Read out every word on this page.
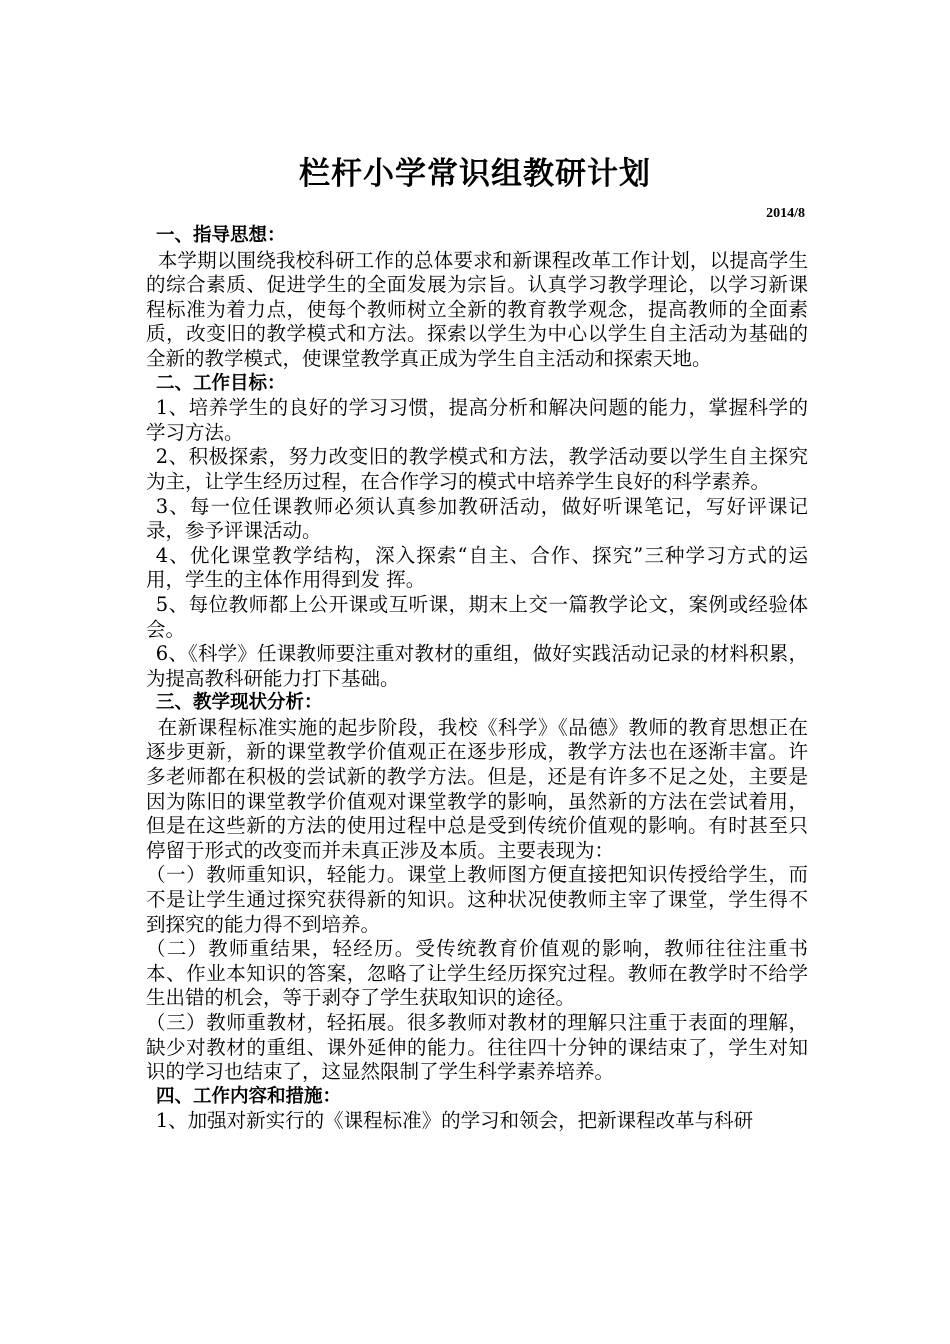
栏杆小学常识组教研计划
2014/8

一、指导思想：

本学期以围绕我校科研工作的总体要求和新课程改革工作计划，以提高学生的综合素质、促进学生的全面发展为宗旨。认真学习教学理论，以学习新课程标准为着力点，使每个教师树立全新的教育教学观念，提高教师的全面素质，改变旧的教学模式和方法。探索以学生为中心以学生自主活动为基础的全新的教学模式，使课堂教学真正成为学生自主活动和探索天地。

二、工作目标：

1、培养学生的良好的学习习惯，提高分析和解决问题的能力，掌握科学的学习方法。

2、积极探索，努力改变旧的教学模式和方法，教学活动要以学生自主探究为主，让学生经历过程，在合作学习的模式中培养学生良好的科学素养。

3、每一位任课教师必须认真参加教研活动，做好听课笔记，写好评课记录，参予评课活动。

4、优化课堂教学结构，深入探索“自主、合作、探究”三种学习方式的运用，学生的主体作用得到发 挥。

5、每位教师都上公开课或互听课，期末上交一篇教学论文，案例或经验体会。

6、《科学》任课教师要注重对教材的重组，做好实践活动记录的材料积累，为提高教科研能力打下基础。

三、教学现状分析：

在新课程标准实施的起步阶段，我校《科学》《品德》教师的教育思想正在逐步更新，新的课堂教学价值观正在逐步形成，教学方法也在逐渐丰富。许多老师都在积极的尝试新的教学方法。但是，还是有许多不足之处，主要是因为陈旧的课堂教学价值观对课堂教学的影响，虽然新的方法在尝试着用，但是在这些新的方法的使用过程中总是受到传统价值观的影响。有时甚至只停留于形式的改变而并未真正涉及本质。主要表现为：

（一）教师重知识，轻能力。课堂上教师图方便直接把知识传授给学生，而不是让学生通过探究获得新的知识。这种状况使教师主宰了课堂，学生得不到探究的能力得不到培养。

（二）教师重结果，轻经历。受传统教育价值观的影响，教师往往注重书本、作业本知识的答案，忽略了让学生经历探究过程。教师在教学时不给学生出错的机会，等于剥夺了学生获取知识的途径。

（三）教师重教材，轻拓展。很多教师对教材的理解只注重于表面的理解，缺少对教材的重组、课外延伸的能力。往往四十分钟的课结束了，学生对知识的学习也结束了，这显然限制了学生科学素养培养。

四、工作内容和措施：

1、加强对新实行的《课程标准》的学习和领会，把新课程改革与科研
